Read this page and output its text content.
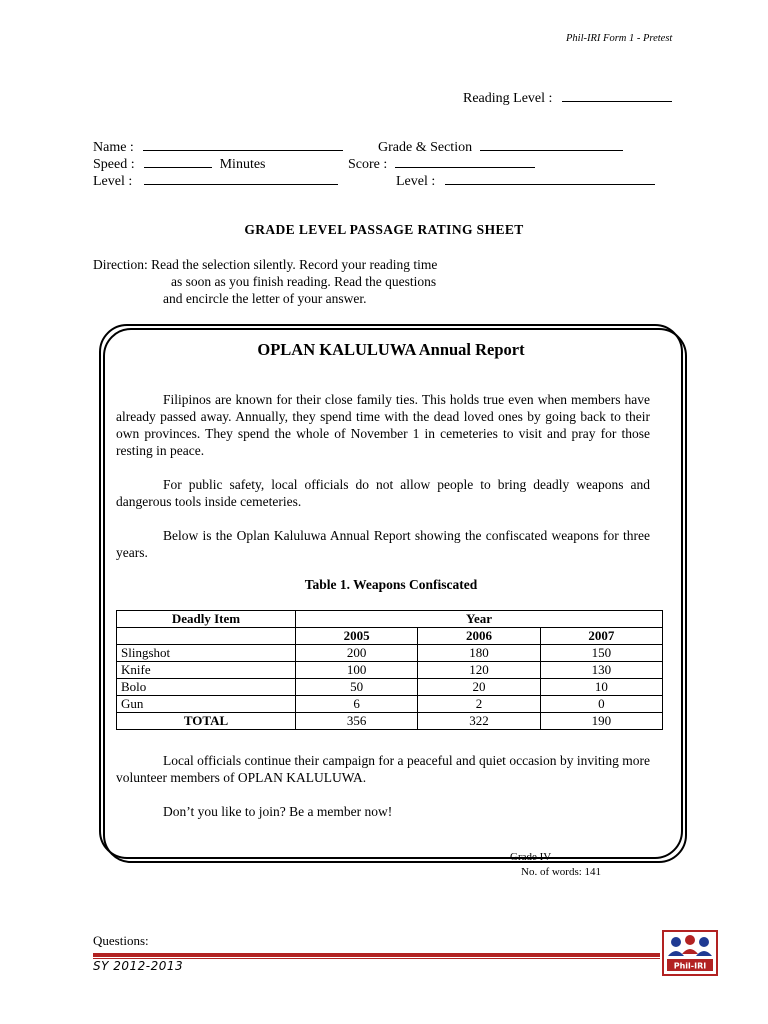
Phil-IRI Form 1 - Pretest
Reading Level :
Name :	Grade & Section
Speed :	Minutes	Score :
Level :	Level :
GRADE LEVEL PASSAGE RATING SHEET
Direction: Read the selection silently. Record your reading time
as soon as you finish reading. Read the questions
and encircle the letter of your answer.
OPLAN KALULUWA Annual Report

Filipinos are known for their close family ties. This holds true even when members have already passed away. Annually, they spend time with the dead loved ones by going back to their own provinces. They spend the whole of November 1 in cemeteries to visit and pray for those resting in peace.

For public safety, local officials do not allow people to bring deadly weapons and dangerous tools inside cemeteries.

Below is the Oplan Kaluluwa Annual Report showing the confiscated weapons for three years.

Table 1. Weapons Confiscated
Deadly Item	Year		
	2005	2006	2007
Slingshot	200	180	150
Knife	100	120	130
Bolo	50	20	10
Gun	6	2	0
TOTAL	356	322	190

Local officials continue their campaign for a peaceful and quiet occasion by inviting more volunteer members of OPLAN KALULUWA.

Don’t you like to join? Be a member now!

Grade IV
No. of words: 141
Questions:
SY 2012-2013	Phil-IRI
